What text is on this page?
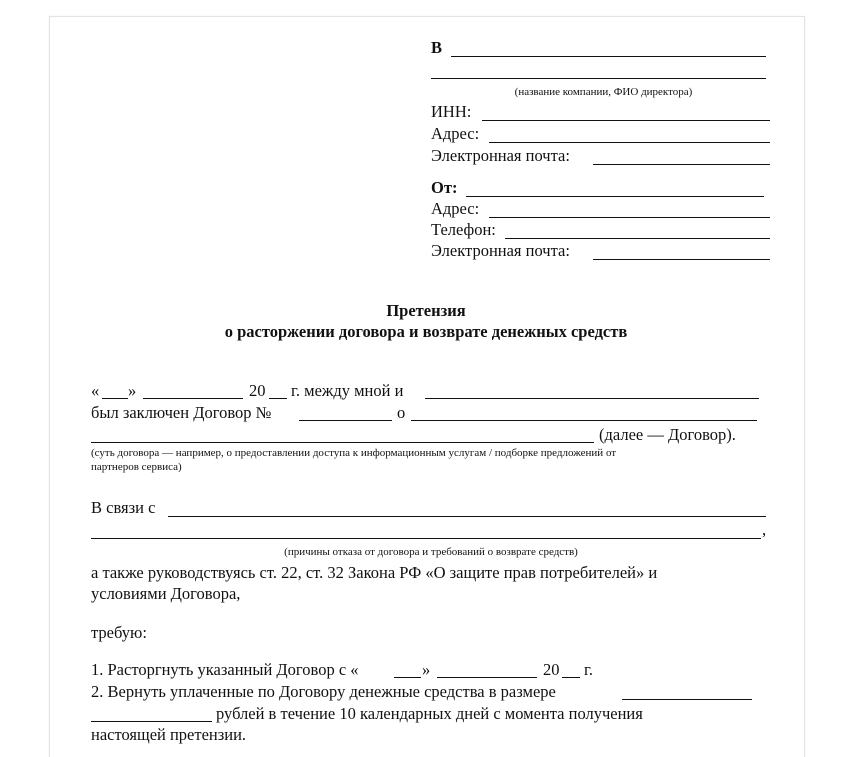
В
(название компании, ФИО директора)
ИНН:
Адрес:
Электронная почта:
От:
Адрес:
Телефон:
Электронная почта:
Претензия
о расторжении договора и возврате денежных средств
« »	20 г. между мной и
был заключен Договор №	о
(далее — Договор).
(суть договора — например, о предоставлении доступа к информационным услугам / подборке предложений от
партнеров сервиса)
В связи с
,
(причины отказа от договора и требований о возврате средств)
а также руководствуясь ст. 22, ст. 32 Закона РФ «О защите прав потребителей» и
условиями Договора,
требую:
1. Расторгнуть указанный Договор с «	»	20 г.
2. Вернуть уплаченные по Договору денежные средства в размере
рублей в течение 10 календарных дней с момента получения
настоящей претензии.
